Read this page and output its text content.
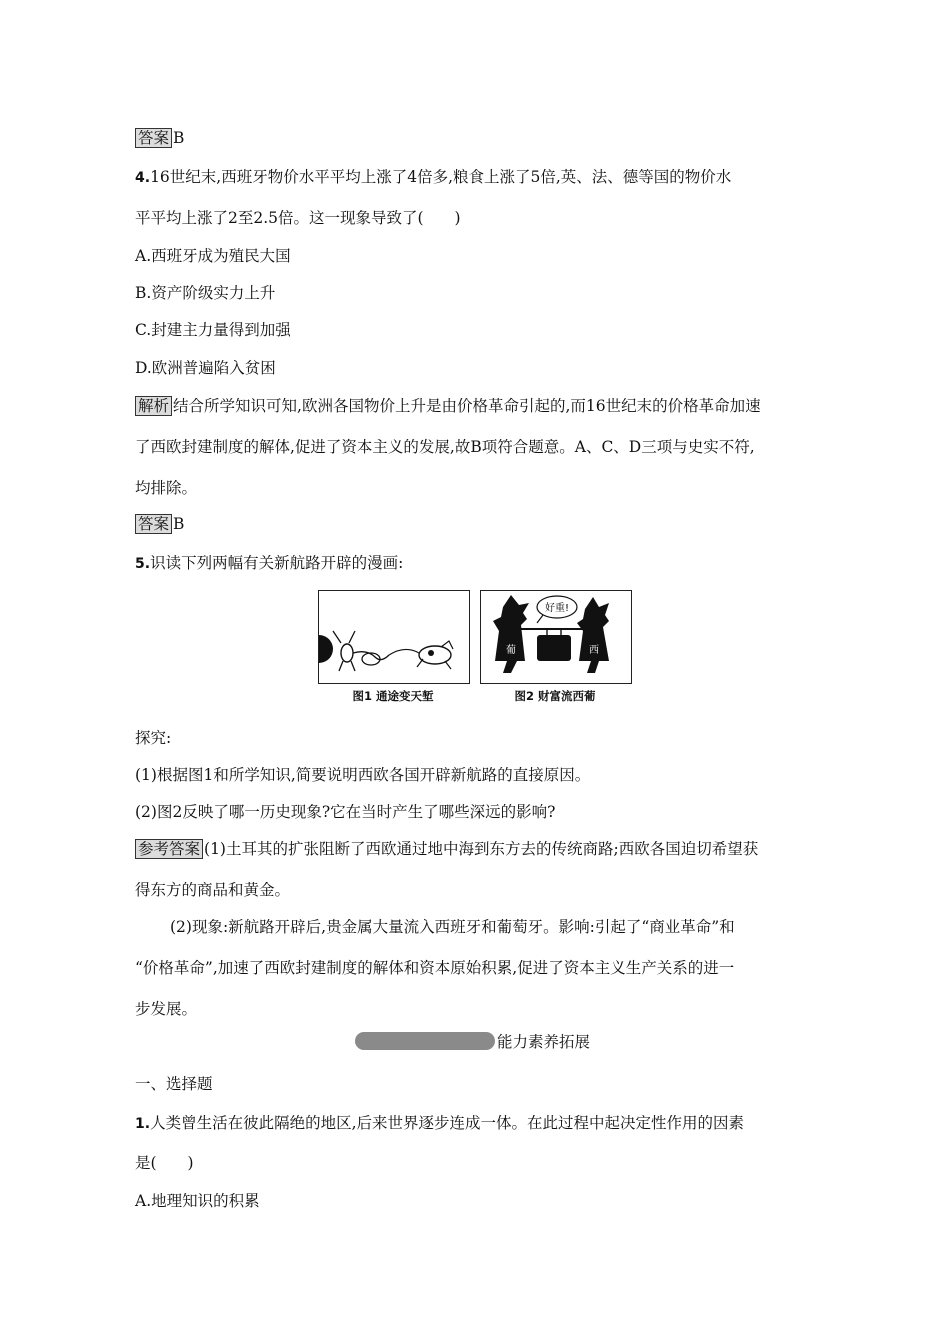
答案 B
4.16世纪末,西班牙物价水平平均上涨了4倍多,粮食上涨了5倍,英、法、德等国的物价水
平平均上涨了2至2.5倍。这一现象导致了(　　)
A.西班牙成为殖民大国
B.资产阶级实力上升
C.封建主力量得到加强
D.欧洲普遍陷入贫困
解析 结合所学知识可知,欧洲各国物价上升是由价格革命引起的,而16世纪末的价格革命加速
了西欧封建制度的解体,促进了资本主义的发展,故B项符合题意。A、C、D三项与史实不符,
均排除。
答案 B
5.识读下列两幅有关新航路开辟的漫画:
好重!
葡	西
图1 通途变天堑	图2 财富流西葡
探究:
(1)根据图1和所学知识,简要说明西欧各国开辟新航路的直接原因。
(2)图2反映了哪一历史现象?它在当时产生了哪些深远的影响?
参考答案 (1)土耳其的扩张阻断了西欧通过地中海到东方去的传统商路;西欧各国迫切希望获
得东方的商品和黄金。
(2)现象:新航路开辟后,贵金属大量流入西班牙和葡萄牙。影响:引起了“商业革命”和
“价格革命”,加速了西欧封建制度的解体和资本原始积累,促进了资本主义生产关系的进一
步发展。
能力素养拓展
一、选择题
1.人类曾生活在彼此隔绝的地区,后来世界逐步连成一体。在此过程中起决定性作用的因素
是(　　)
A.地理知识的积累
